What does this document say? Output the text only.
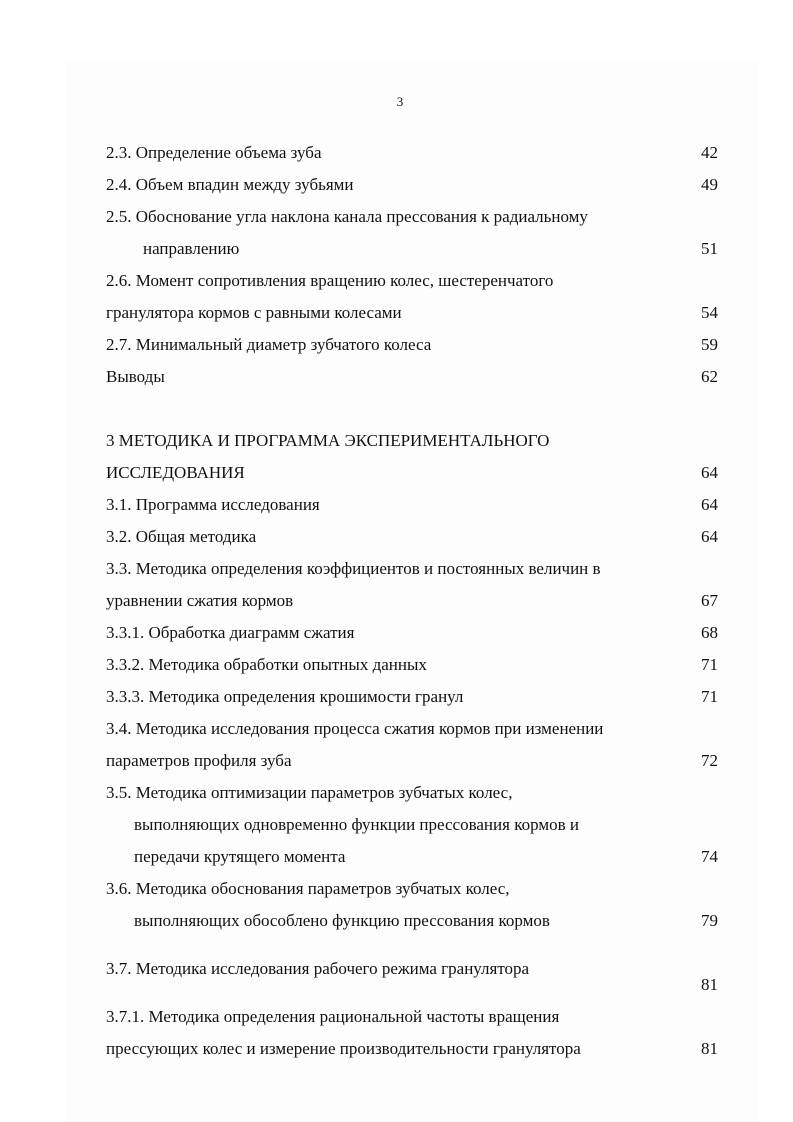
3
2.3. Определение объема зуба	42
2.4. Объем впадин между зубьями	49
2.5. Обоснование угла наклона канала прессования к радиальному
направлению	51
2.6. Момент сопротивления вращению колес, шестеренчатого
гранулятора кормов с равными колесами	54
2.7. Минимальный диаметр зубчатого колеса	59
Выводы	62
3 МЕТОДИКА И ПРОГРАММА ЭКСПЕРИМЕНТАЛЬНОГО
ИССЛЕДОВАНИЯ	64
3.1. Программа исследования	64
3.2. Общая методика	64
3.3. Методика определения коэффициентов и постоянных величин в
уравнении сжатия кормов	67
3.3.1. Обработка диаграмм сжатия	68
3.3.2. Методика обработки опытных данных	71
3.3.3. Методика определения крошимости гранул	71
3.4. Методика исследования процесса сжатия кормов при изменении
параметров профиля зуба	72
3.5. Методика оптимизации параметров зубчатых колес,
выполняющих одновременно функции прессования кормов и
передачи крутящего момента	74
3.6. Методика обоснования параметров зубчатых колес,
выполняющих обособлено функцию прессования кормов	79
3.7. Методика исследования рабочего режима гранулятора
81
3.7.1. Методика определения рациональной частоты вращения
прессующих колес и измерение производительности гранулятора	81
